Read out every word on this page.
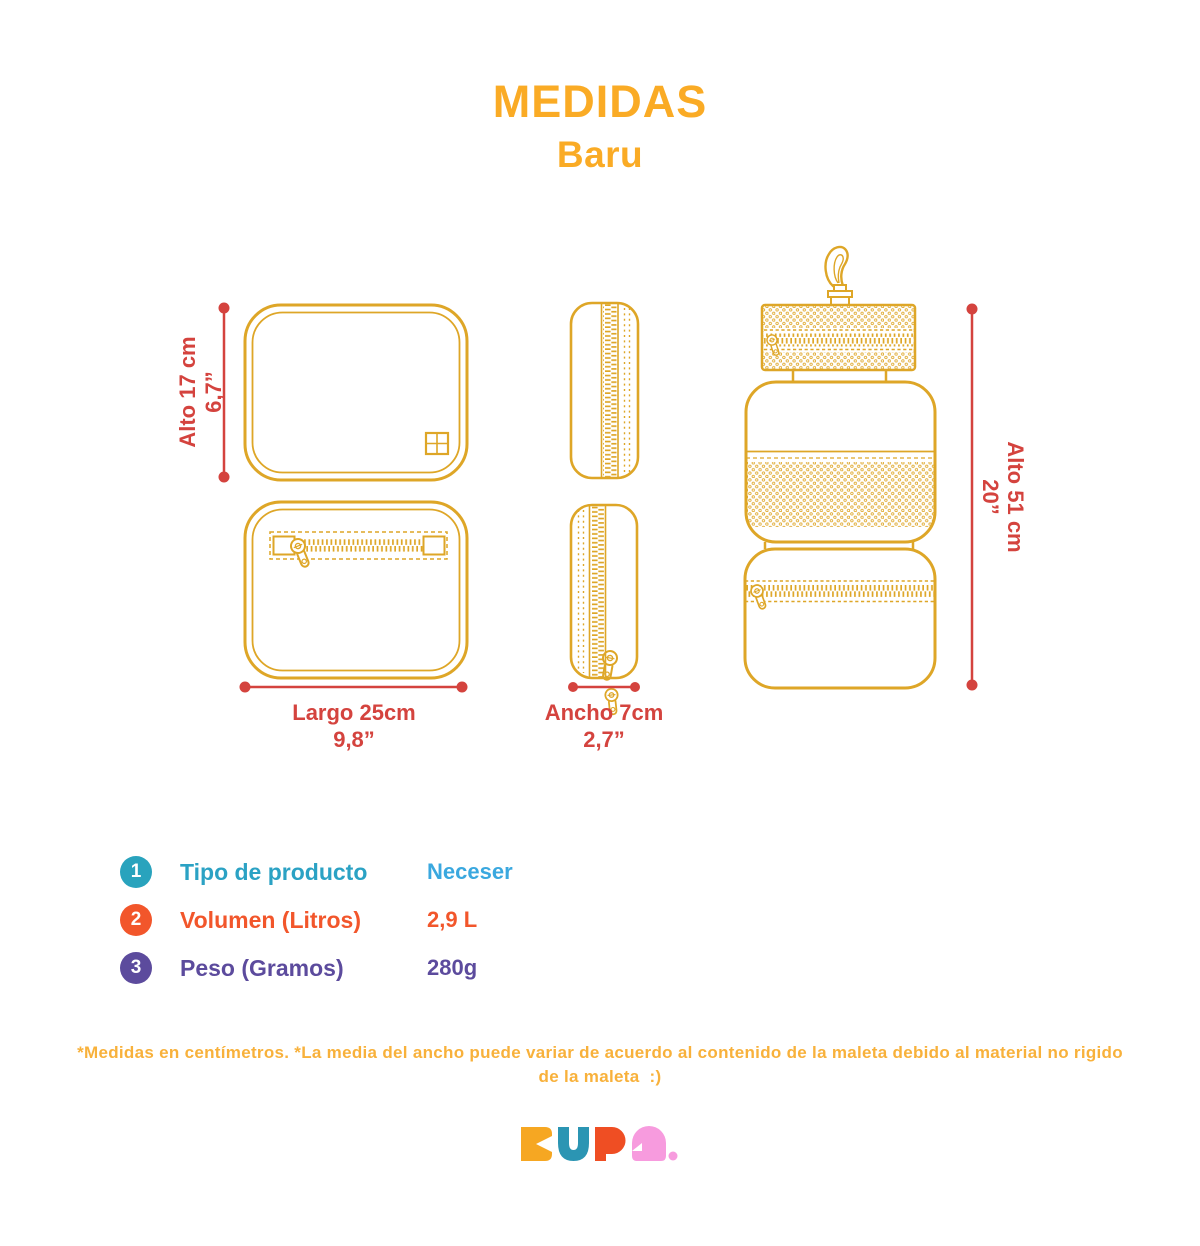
MEDIDAS
Baru
Alto 17 cm 6,7”
Largo 25cm
9,8”
Ancho 7cm
2,7”
Alto 51 cm
20”
1	Tipo de producto	Neceser
2	Volumen (Litros)	2,9 L
3	Peso (Gramos)	280g
*Medidas en centímetros. *La media del ancho puede variar de acuerdo al contenido de la maleta debido al material no rigido
de la maleta  :)
